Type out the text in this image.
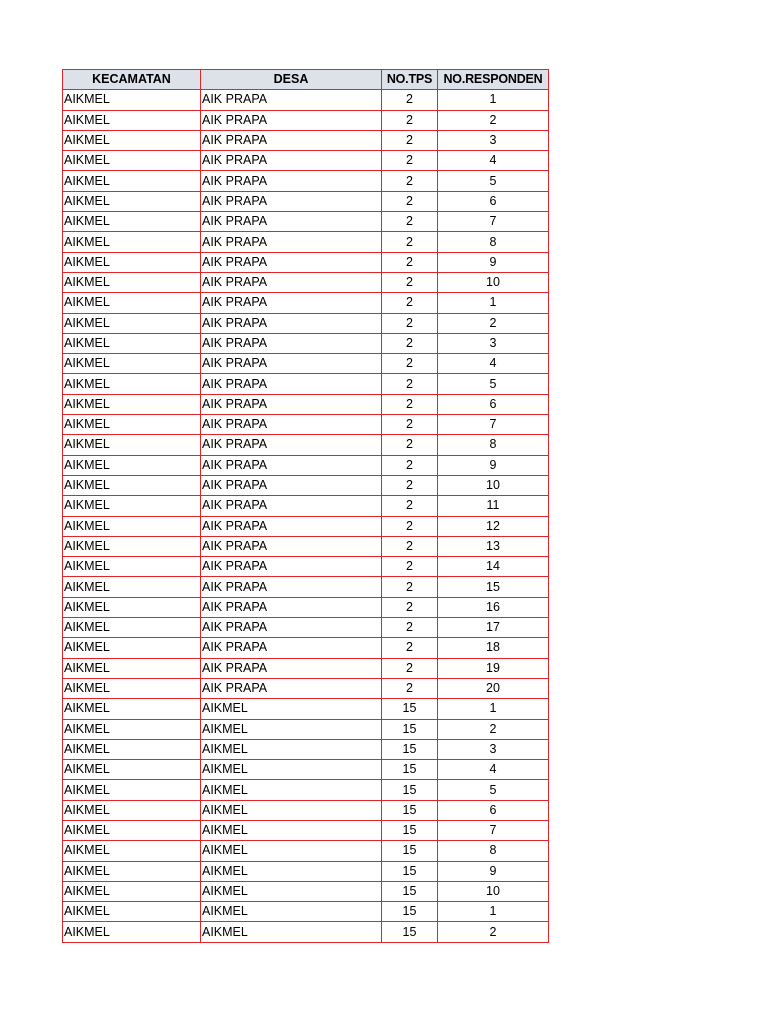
KECAMATAN	DESA	NO.TPS	NO.RESPONDEN
AIKMEL	AIK PRAPA	2	1
AIKMEL	AIK PRAPA	2	2
AIKMEL	AIK PRAPA	2	3
AIKMEL	AIK PRAPA	2	4
AIKMEL	AIK PRAPA	2	5
AIKMEL	AIK PRAPA	2	6
AIKMEL	AIK PRAPA	2	7
AIKMEL	AIK PRAPA	2	8
AIKMEL	AIK PRAPA	2	9
AIKMEL	AIK PRAPA	2	10
AIKMEL	AIK PRAPA	2	1
AIKMEL	AIK PRAPA	2	2
AIKMEL	AIK PRAPA	2	3
AIKMEL	AIK PRAPA	2	4
AIKMEL	AIK PRAPA	2	5
AIKMEL	AIK PRAPA	2	6
AIKMEL	AIK PRAPA	2	7
AIKMEL	AIK PRAPA	2	8
AIKMEL	AIK PRAPA	2	9
AIKMEL	AIK PRAPA	2	10
AIKMEL	AIK PRAPA	2	11
AIKMEL	AIK PRAPA	2	12
AIKMEL	AIK PRAPA	2	13
AIKMEL	AIK PRAPA	2	14
AIKMEL	AIK PRAPA	2	15
AIKMEL	AIK PRAPA	2	16
AIKMEL	AIK PRAPA	2	17
AIKMEL	AIK PRAPA	2	18
AIKMEL	AIK PRAPA	2	19
AIKMEL	AIK PRAPA	2	20
AIKMEL	AIKMEL	15	1
AIKMEL	AIKMEL	15	2
AIKMEL	AIKMEL	15	3
AIKMEL	AIKMEL	15	4
AIKMEL	AIKMEL	15	5
AIKMEL	AIKMEL	15	6
AIKMEL	AIKMEL	15	7
AIKMEL	AIKMEL	15	8
AIKMEL	AIKMEL	15	9
AIKMEL	AIKMEL	15	10
AIKMEL	AIKMEL	15	1
AIKMEL	AIKMEL	15	2
